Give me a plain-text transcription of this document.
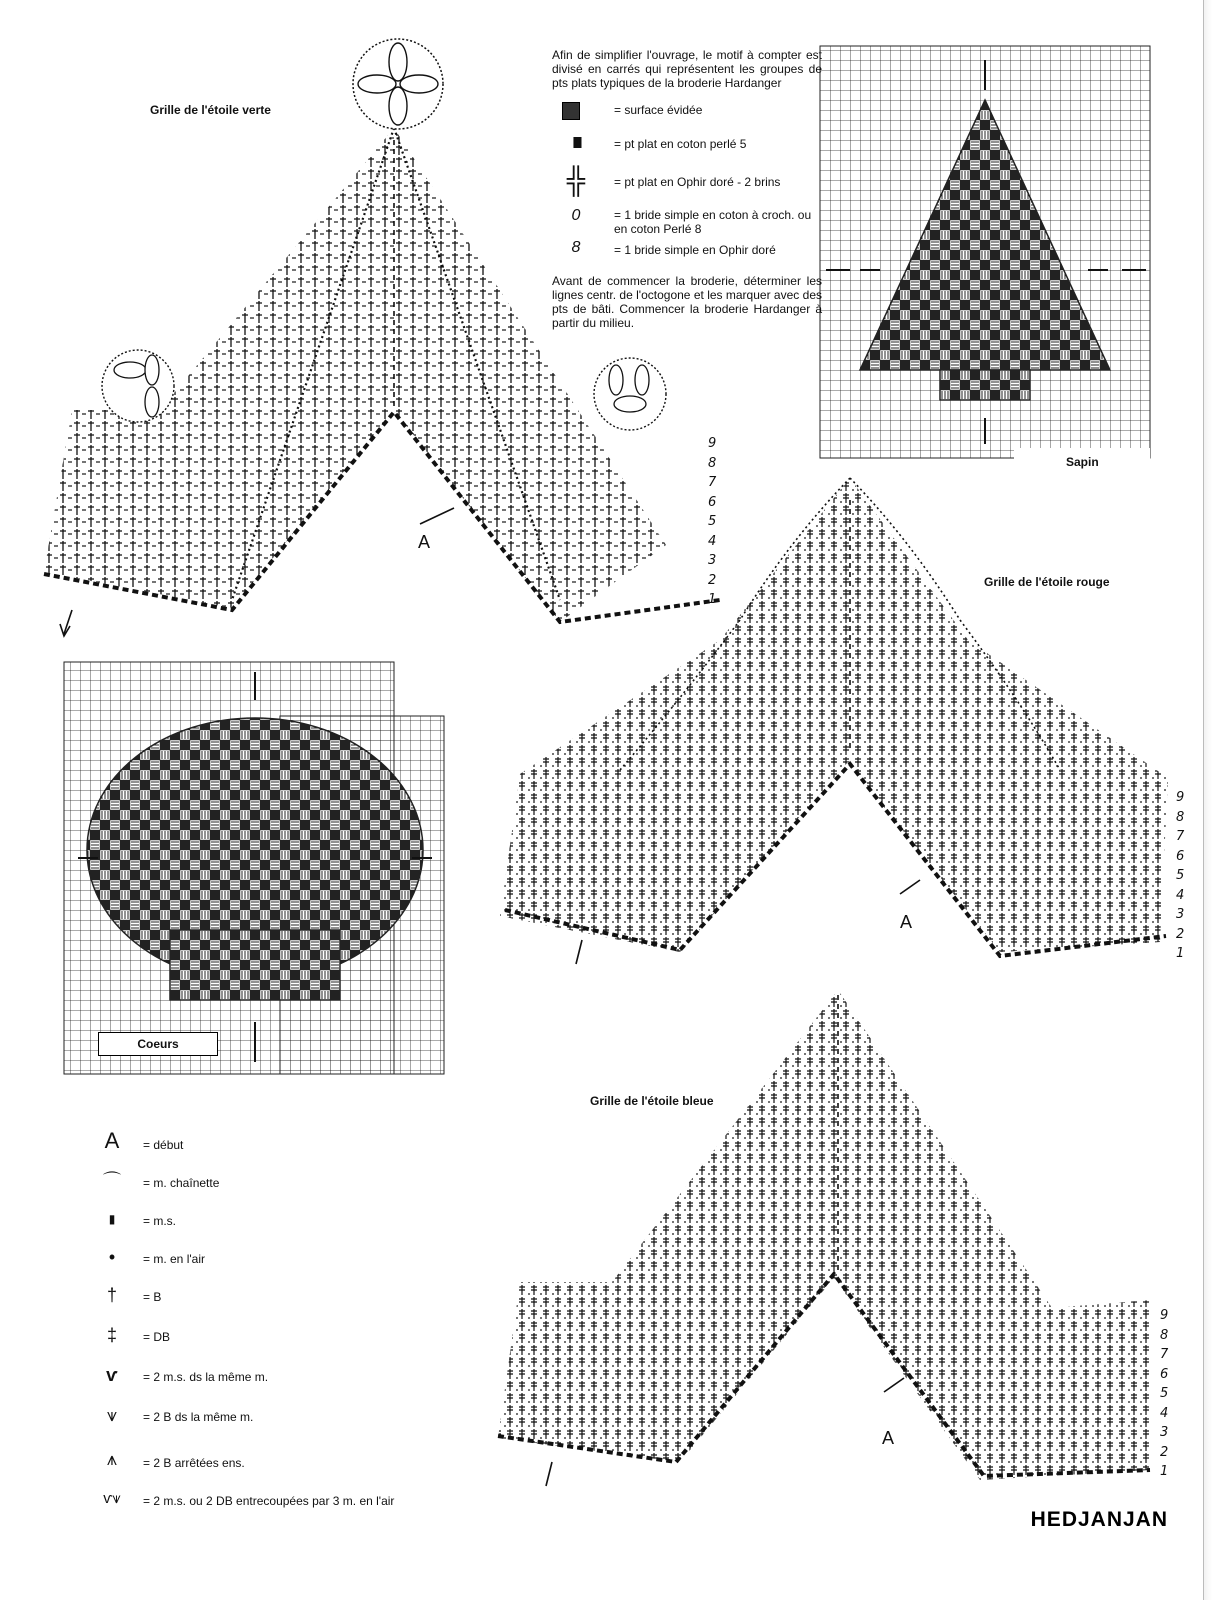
Grille de l'étoile verte
Grille de l'étoile rouge
Grille de l'étoile bleue
Sapin
Coeurs
Afin de simplifier l'ouvrage, le motif à compter est divisé en carrés qui représentent les groupes de pts plats typiques de la broderie Hardanger
Avant de commencer la broderie, déterminer les lignes centr. de l'octogone et les marquer avec des pts de bâti. Commencer la broderie Hardanger à partir du milieu.
= surface évidée
IIIII	= pt plat en coton perlé 5
╬	= pt plat en Ophir doré - 2 brins
0	= 1 bride simple en coton à croch. ou en coton Perlé 8
8	= 1 bride simple en Ophir doré
A	= début
⌒	= m. chaînette
▮	= m.s.
•	= m. en l'air
†	= B
‡	= DB
ѵ	= 2 m.s. ds la même m.
⩛	= 2 B ds la même m.
⩚	= 2 B arrêtées ens.
ⱱ⩛	= 2 m.s. ou 2 DB entrecoupées par 3 m. en l'air
A
A
A
9
8
7
6
5
4
3
2
1
9
8
7
6
5
4
3
2
1
9
8
7
6
5
4
3
2
1
HEDJANJAN
